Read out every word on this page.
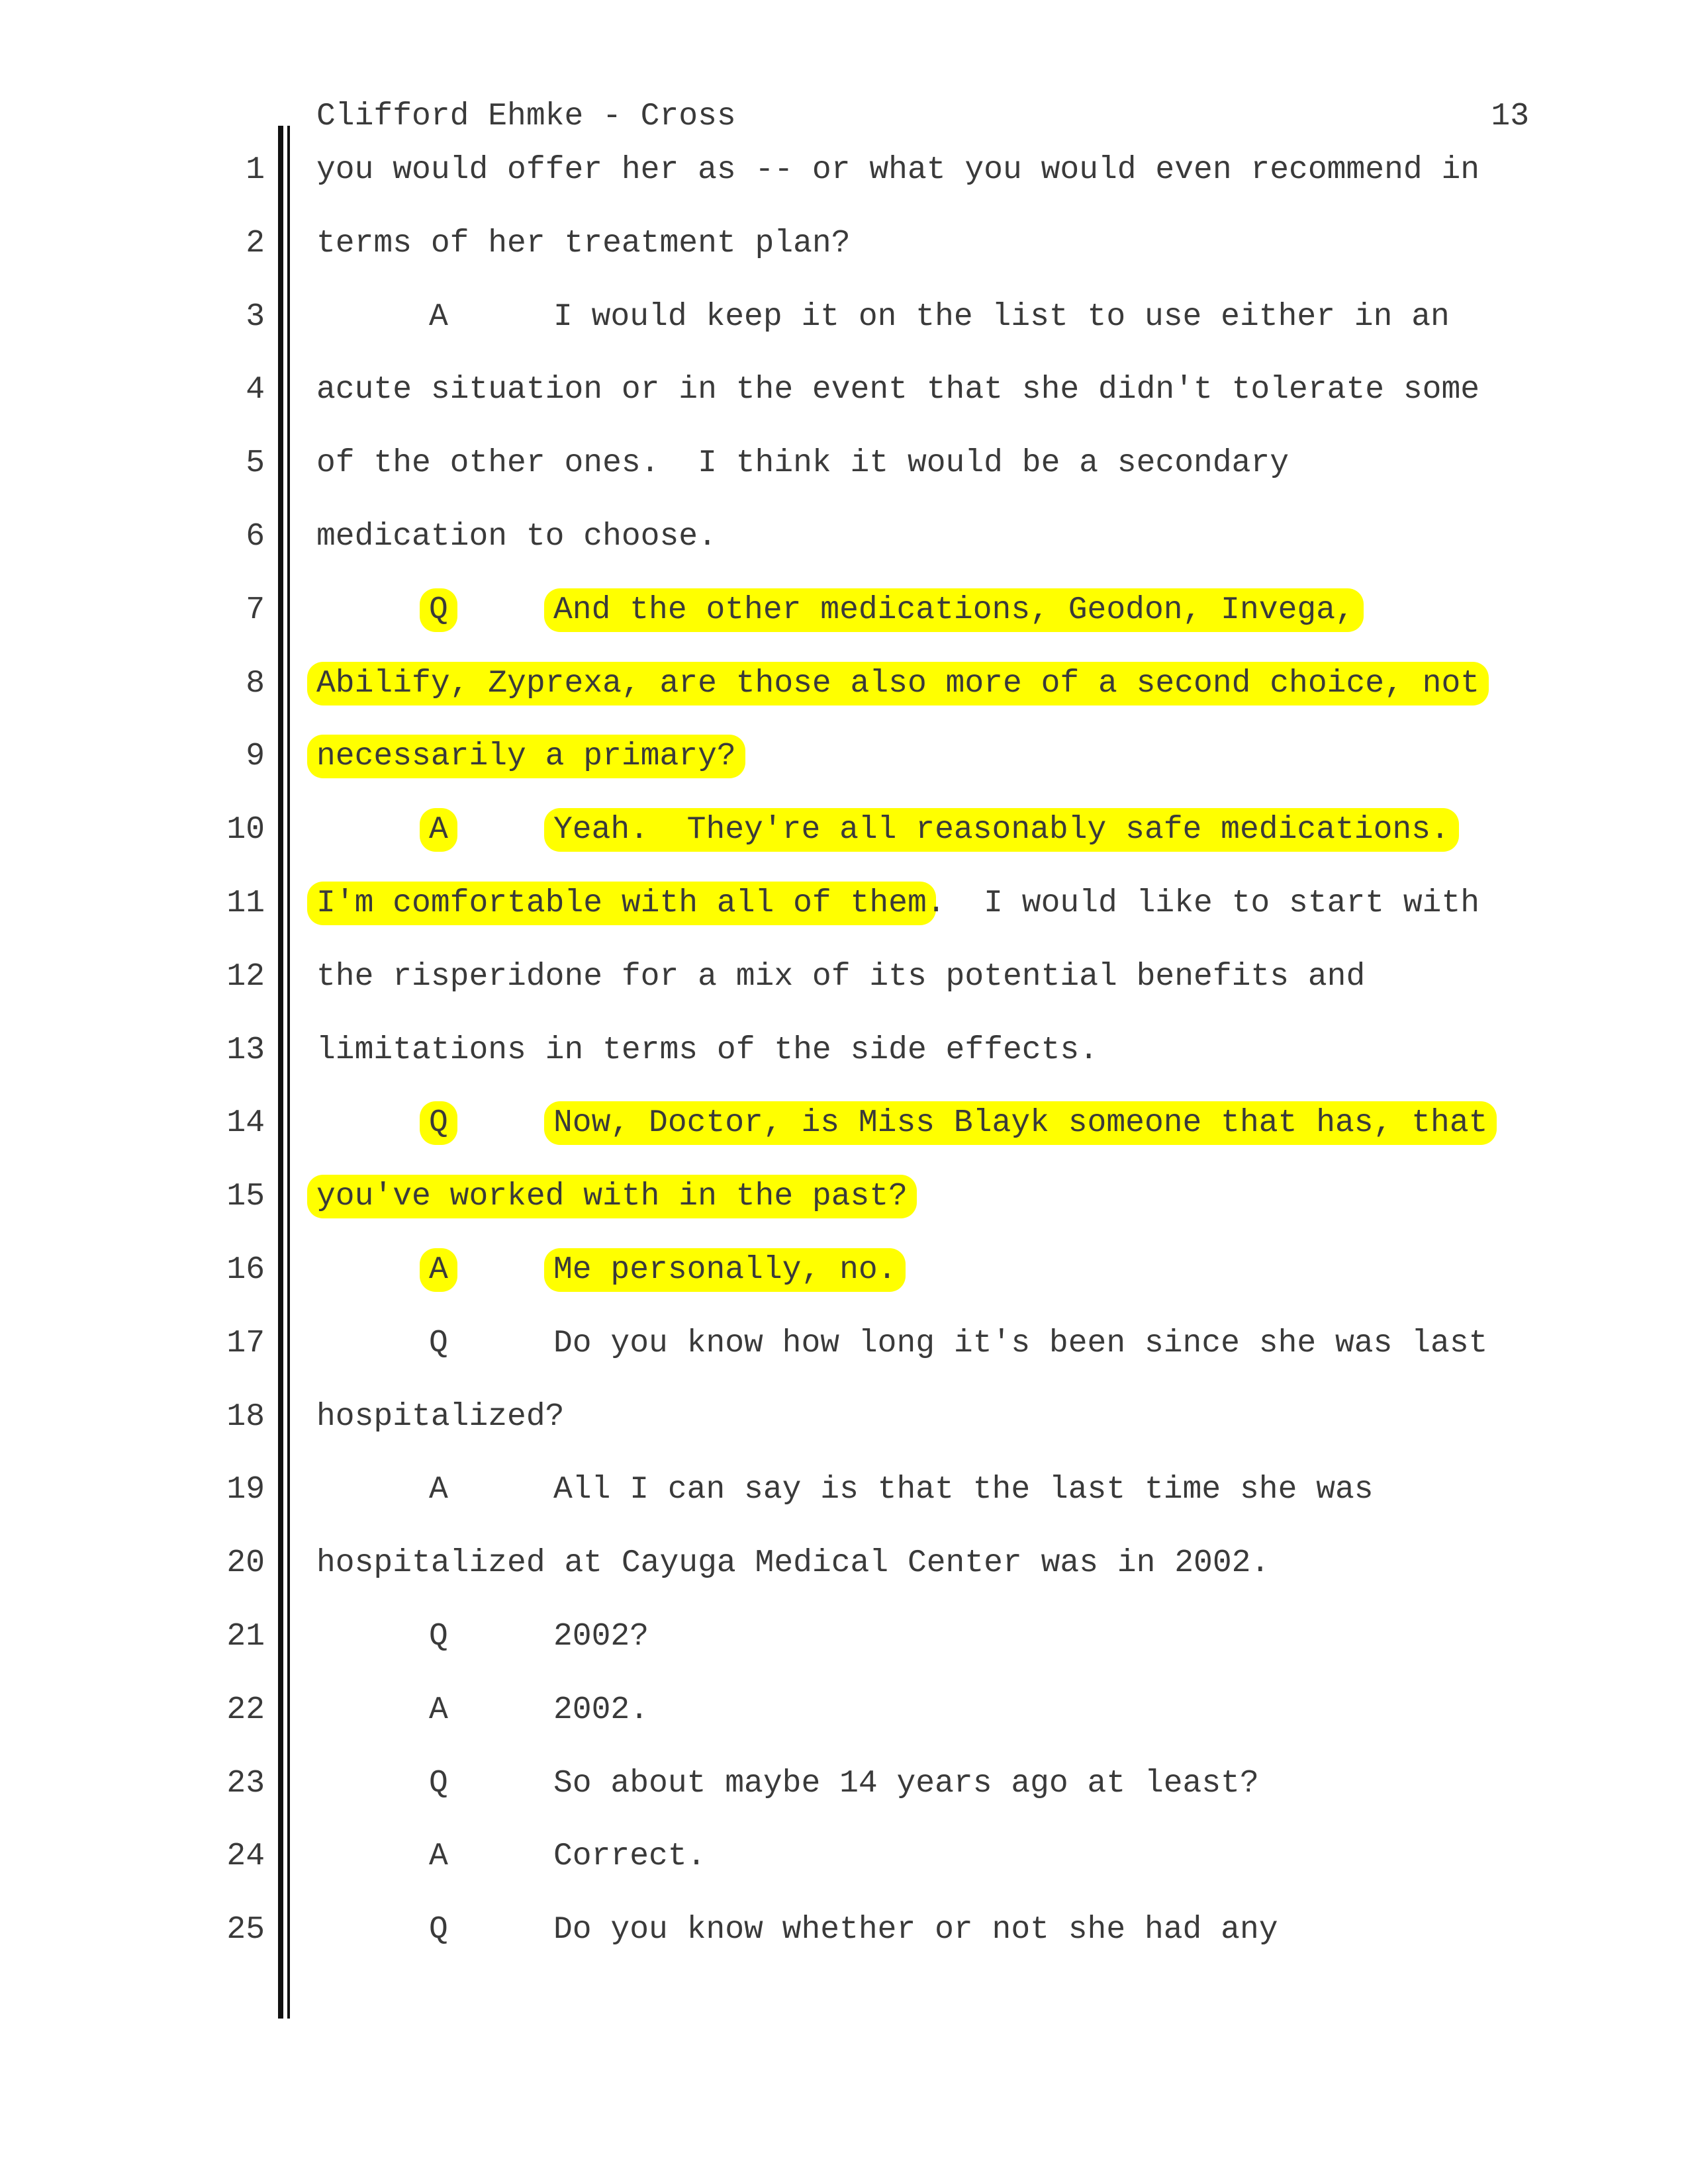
Clifford Ehmke - Cross	13
1 you would offer her as -- or what you would even recommend in
2 terms of her treatment plan?
3	A	I would keep it on the list to use either in an
4 acute situation or in the event that she didn't tolerate some
5 of the other ones.  I think it would be a secondary
6 medication to choose.
7	Q	And the other medications, Geodon, Invega,
8 Abilify, Zyprexa, are those also more of a second choice, not
9 necessarily a primary?
10	A	Yeah.  They're all reasonably safe medications.
11 I'm comfortable with all of them.  I would like to start with
12 the risperidone for a mix of its potential benefits and
13 limitations in terms of the side effects.
14	Q	Now, Doctor, is Miss Blayk someone that has, that
15 you've worked with in the past?
16	A	Me personally, no.
17	Q	Do you know how long it's been since she was last
18 hospitalized?
19	A	All I can say is that the last time she was
20 hospitalized at Cayuga Medical Center was in 2002.
21	Q	2002?
22	A	2002.
23	Q	So about maybe 14 years ago at least?
24	A	Correct.
25	Q	Do you know whether or not she had any
